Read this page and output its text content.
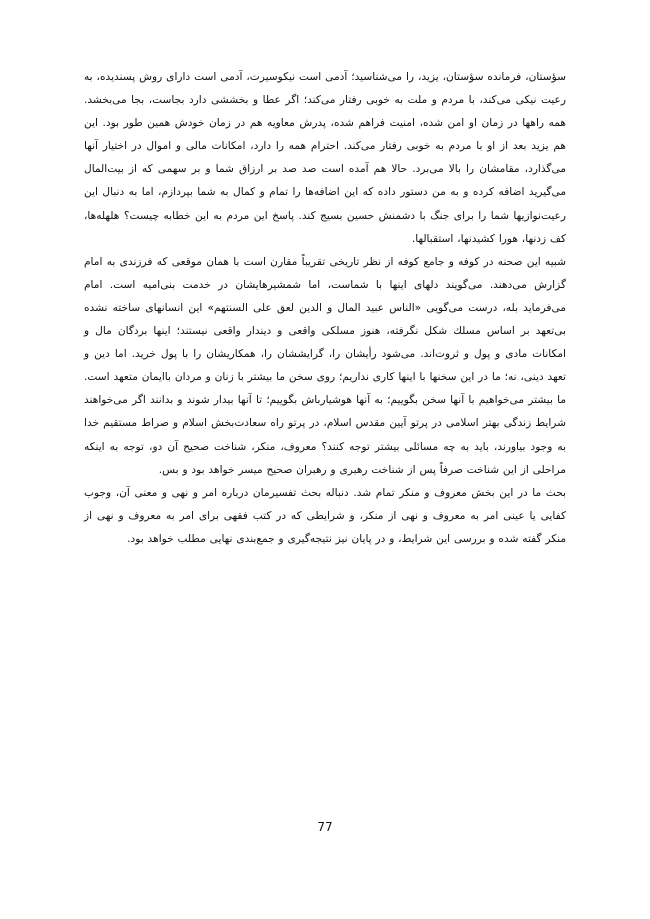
سؤستان، فرمانده سؤستان، يزيد، را مى‌شناسيد؛ آدمى است نيكوسيرت، آدمى است داراى روش پسنديده، به رعيت نيكى مى‌كند، با مردم و ملت به خوبى رفتار مى‌كند؛ اگر عطا و بخششى دارد بجاست، بجا مى‌بخشد. همه راهها در زمان او امن شده، امنيت فراهم شده، پدرش معاويه هم در زمان خودش همين طور بود. اين هم يزيد بعد از او با مردم به خوبى رفتار مى‌كند. احترام همه را دارد، امكانات مالى و اموال در اختيار آنها مى‌گذارد، مقامشان را بالا مى‌برد. حالا هم آمده است صد صد بر ارزاق شما و بر سهمى كه از بيت‌المال مى‌گيريد اضافه كرده و به من دستور داده كه اين اضافه‌ها را تمام و كمال به شما بپردازم، اما به دنبال اين رعيت‌نوازيها شما را براى جنگ با دشمنش حسين بسيج كند. پاسخ اين مردم به اين خطابه چيست؟ هلهله‌ها، كف زدنها، هورا كشيدنها، استقبالها.

شبيه اين صحنه در كوفه و جامع كوفه از نظر تاريخى تقريباً مقارن است با همان موقعى كه فرزندى به امام گزارش مى‌دهند. مى‌گويند دلهاى اينها با شماست، اما شمشيرهايشان در خدمت بنى‌اميه است. امام مى‌فرمايد بله، درست مى‌گويى «الناس عبيد المال و الدين لعق على السنتهم» اين انسانهاى ساخته نشده بى‌تعهد بر اساس مسلك شكل نگرفته، هنوز مسلكى واقعى و ديندار واقعى نيستند؛ اينها بردگان مال و امكانات مادى و پول و ثروت‌اند. مى‌شود رأيشان را، گرايششان را، همكاريشان را با پول خريد. اما دين و تعهد دينى، نه؛ ما در اين سخنها با اينها كارى نداريم؛ روى سخن ما بيشتر با زنان و مردان باايمان متعهد است. ما بيشتر مى‌خواهيم با آنها سخن بگوييم؛ به آنها هوشيارباش بگوييم؛ تا آنها بيدار شوند و بدانند اگر مى‌خواهند شرايط زندگى بهتر اسلامى در پرتو آيين مقدس اسلام، در پرتو راه سعادت‌بخش اسلام و صراط مستقيم خدا به وجود بياورند، بايد به چه مسائلى بيشتر توجه كنند؟ معروف، منكر، شناخت صحيح آن دو، توجه به اينكه مراحلى از اين شناخت صرفاً پس از شناخت رهبرى و رهبران صحيح ميسر خواهد بود و بس.

بحث ما در اين بخش معروف و منكر تمام شد. دنباله بحث تفسيرمان درباره امر و نهى و معنى آن، وجوب كفايى يا عينى امر به معروف و نهى از منكر، و شرايطى كه در كتب فقهى براى امر به معروف و نهى از منكر گفته شده و بررسى اين شرايط، و در پايان نيز نتيجه‌گيرى و جمع‌بندى نهايى مطلب خواهد بود.

77
